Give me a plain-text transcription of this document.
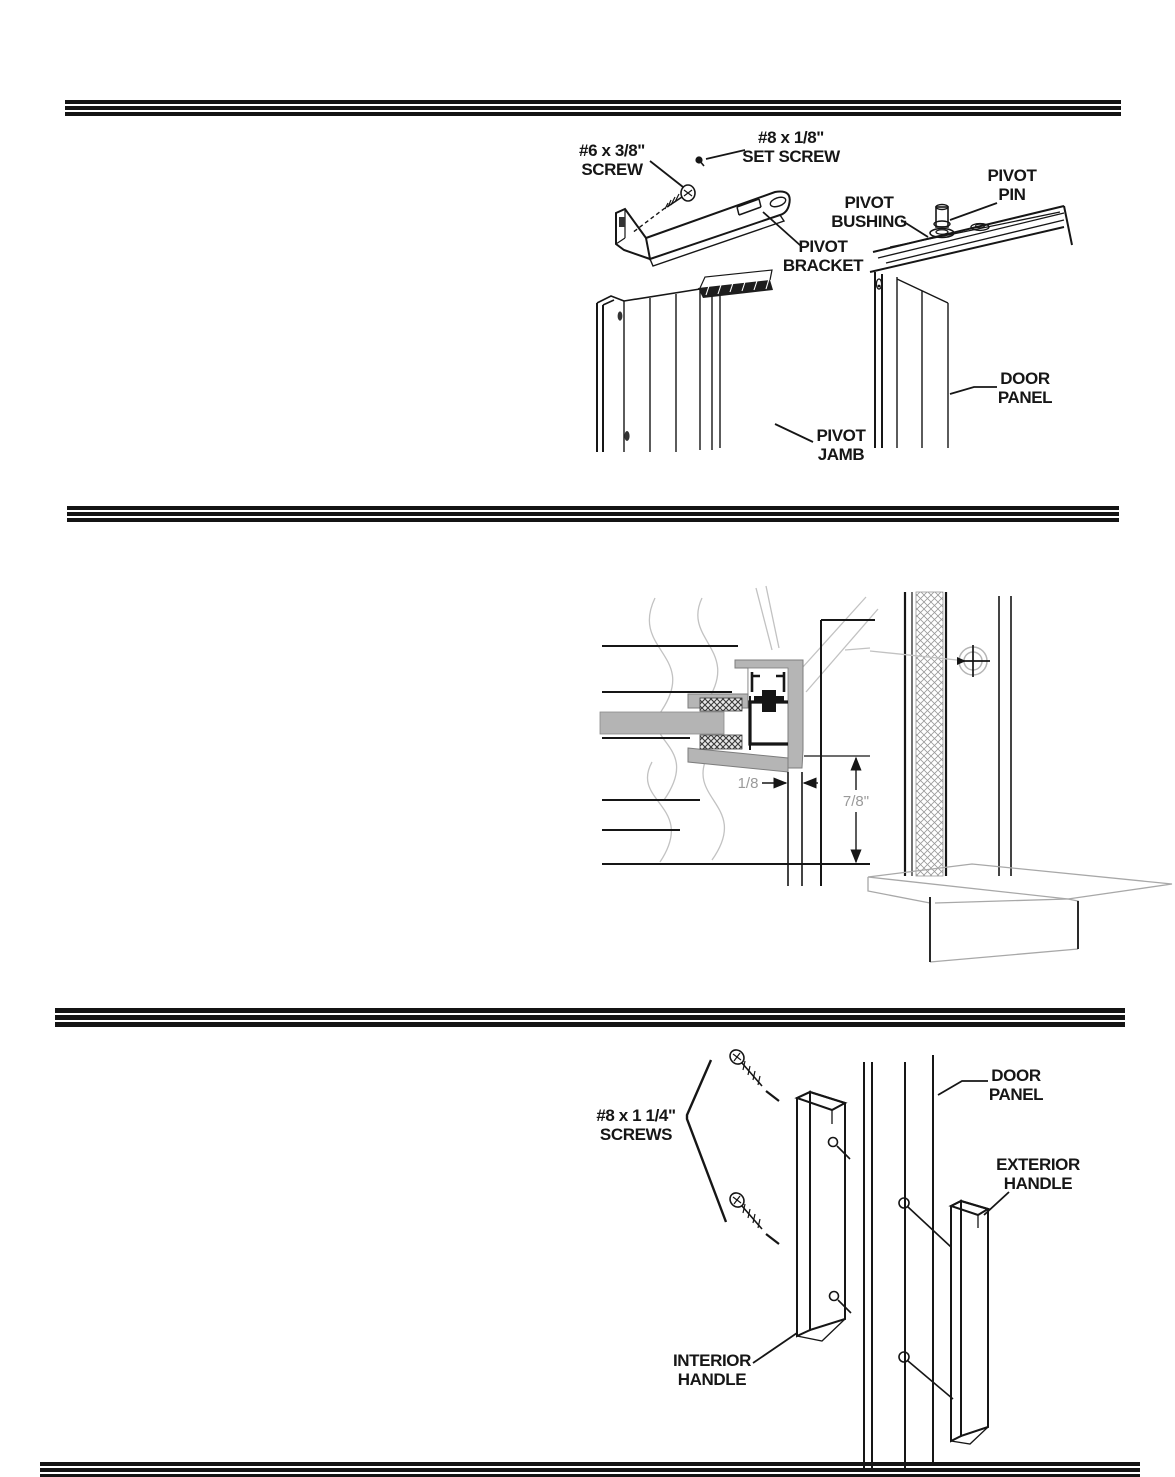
#6 x 3/8"
SCREW
#8 x 1/8"
SET SCREW
PIVOT
BRACKET
PIVOT
BUSHING
PIVOT
PIN
DOOR
PANEL
PIVOT
JAMB
1/8
7/8"
#8 x 1 1/4"
SCREWS
DOOR
PANEL
EXTERIOR
HANDLE
INTERIOR
HANDLE
